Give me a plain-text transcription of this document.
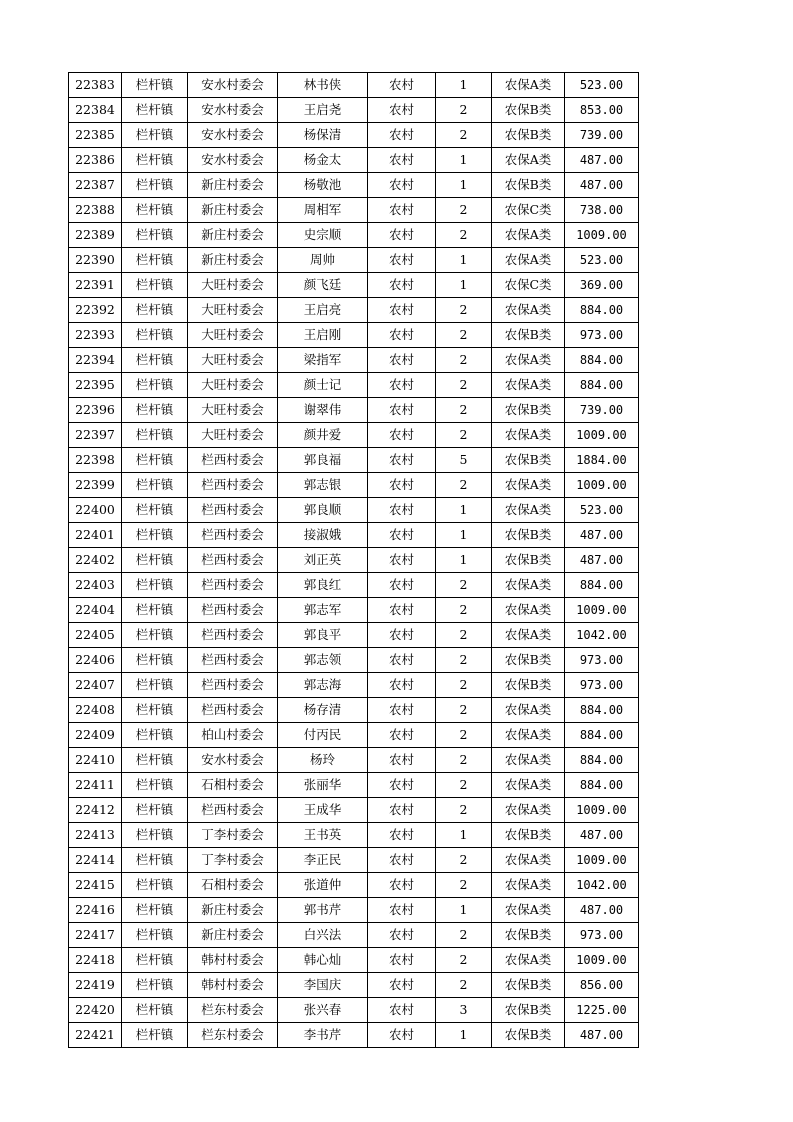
22383	栏杆镇	安水村委会	林书侠	农村	1	农保A类	523.00
22384	栏杆镇	安水村委会	王启尧	农村	2	农保B类	853.00
22385	栏杆镇	安水村委会	杨保清	农村	2	农保B类	739.00
22386	栏杆镇	安水村委会	杨金太	农村	1	农保A类	487.00
22387	栏杆镇	新庄村委会	杨敬池	农村	1	农保B类	487.00
22388	栏杆镇	新庄村委会	周相军	农村	2	农保C类	738.00
22389	栏杆镇	新庄村委会	史宗顺	农村	2	农保A类	1009.00
22390	栏杆镇	新庄村委会	周帅	农村	1	农保A类	523.00
22391	栏杆镇	大旺村委会	颜飞廷	农村	1	农保C类	369.00
22392	栏杆镇	大旺村委会	王启亮	农村	2	农保A类	884.00
22393	栏杆镇	大旺村委会	王启刚	农村	2	农保B类	973.00
22394	栏杆镇	大旺村委会	梁指军	农村	2	农保A类	884.00
22395	栏杆镇	大旺村委会	颜士记	农村	2	农保A类	884.00
22396	栏杆镇	大旺村委会	谢翠伟	农村	2	农保B类	739.00
22397	栏杆镇	大旺村委会	颜井爱	农村	2	农保A类	1009.00
22398	栏杆镇	栏西村委会	郭良福	农村	5	农保B类	1884.00
22399	栏杆镇	栏西村委会	郭志银	农村	2	农保A类	1009.00
22400	栏杆镇	栏西村委会	郭良顺	农村	1	农保A类	523.00
22401	栏杆镇	栏西村委会	接淑娥	农村	1	农保B类	487.00
22402	栏杆镇	栏西村委会	刘正英	农村	1	农保B类	487.00
22403	栏杆镇	栏西村委会	郭良红	农村	2	农保A类	884.00
22404	栏杆镇	栏西村委会	郭志军	农村	2	农保A类	1009.00
22405	栏杆镇	栏西村委会	郭良平	农村	2	农保A类	1042.00
22406	栏杆镇	栏西村委会	郭志领	农村	2	农保B类	973.00
22407	栏杆镇	栏西村委会	郭志海	农村	2	农保B类	973.00
22408	栏杆镇	栏西村委会	杨存清	农村	2	农保A类	884.00
22409	栏杆镇	柏山村委会	付丙民	农村	2	农保A类	884.00
22410	栏杆镇	安水村委会	杨玲	农村	2	农保A类	884.00
22411	栏杆镇	石相村委会	张丽华	农村	2	农保A类	884.00
22412	栏杆镇	栏西村委会	王成华	农村	2	农保A类	1009.00
22413	栏杆镇	丁李村委会	王书英	农村	1	农保B类	487.00
22414	栏杆镇	丁李村委会	李正民	农村	2	农保A类	1009.00
22415	栏杆镇	石相村委会	张道仲	农村	2	农保A类	1042.00
22416	栏杆镇	新庄村委会	郭书芹	农村	1	农保A类	487.00
22417	栏杆镇	新庄村委会	白兴法	农村	2	农保B类	973.00
22418	栏杆镇	韩村村委会	韩心灿	农村	2	农保A类	1009.00
22419	栏杆镇	韩村村委会	李国庆	农村	2	农保B类	856.00
22420	栏杆镇	栏东村委会	张兴春	农村	3	农保B类	1225.00
22421	栏杆镇	栏东村委会	李书芹	农村	1	农保B类	487.00
